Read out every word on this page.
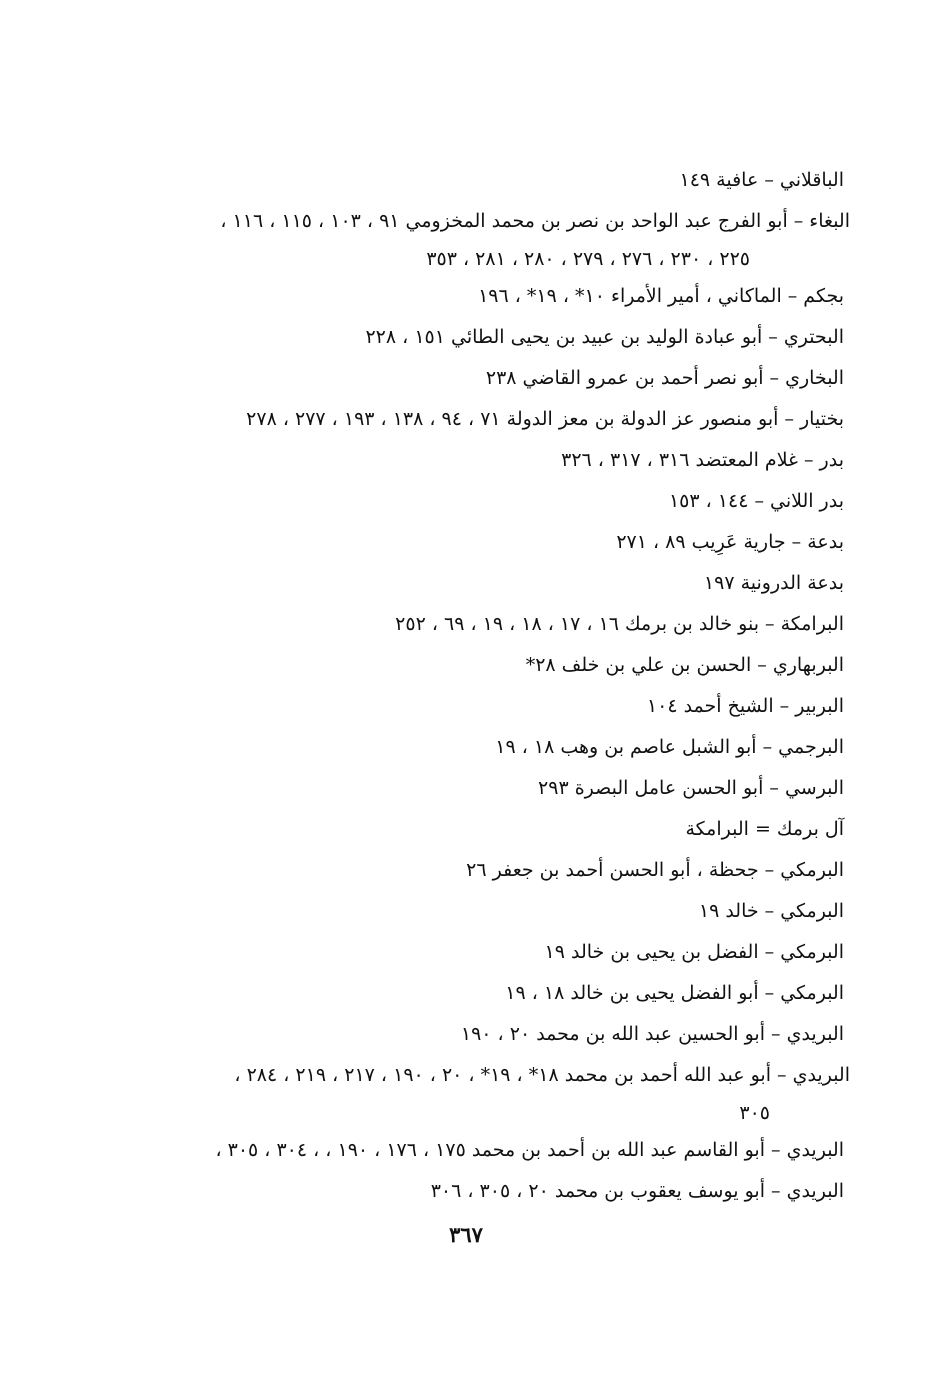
الباقلاني – عافية ١٤٩
البغاء – أبو الفرج عبد الواحد بن نصر بن محمد المخزومي ٩١ ، ١٠٣ ، ١١٥ ، ١١٦ ،
٢٢٥ ، ٢٣٠ ، ٢٧٦ ، ٢٧٩ ، ٢٨٠ ، ٢٨١ ، ٣٥٣
بجكم – الماكاني ، أمير الأمراء ١٠* ، ١٩* ، ١٩٦
البحتري – أبو عبادة الوليد بن عبيد بن يحيى الطائي ١٥١ ، ٢٢٨
البخاري – أبو نصر أحمد بن عمرو القاضي ٢٣٨
بختيار – أبو منصور عز الدولة بن معز الدولة ٧١ ، ٩٤ ، ١٣٨ ، ١٩٣ ، ٢٧٧ ، ٢٧٨
بدر – غلام المعتضد ٣١٦ ، ٣١٧ ، ٣٢٦
بدر اللاني – ١٤٤ ، ١٥٣
بدعة – جارية عَرِيب ٨٩ ، ٢٧١
بدعة الدرونية ١٩٧
البرامكة – بنو خالد بن برمك ١٦ ، ١٧ ، ١٨ ، ١٩ ، ٦٩ ، ٢٥٢
البربهاري – الحسن بن علي بن خلف ٢٨*
البربير – الشيخ أحمد ١٠٤
البرجمي – أبو الشبل عاصم بن وهب ١٨ ، ١٩
البرسي – أبو الحسن عامل البصرة ٢٩٣
آل برمك = البرامكة
البرمكي – جحظة ، أبو الحسن أحمد بن جعفر ٢٦
البرمكي – خالد ١٩
البرمكي – الفضل بن يحيى بن خالد ١٩
البرمكي – أبو الفضل يحيى بن خالد ١٨ ، ١٩
البريدي – أبو الحسين عبد الله بن محمد ٢٠ ، ١٩٠
البريدي – أبو عبد الله أحمد بن محمد ١٨* ، ١٩* ، ٢٠ ، ١٩٠ ، ٢١٧ ، ٢١٩ ، ٢٨٤ ،
٣٠٥
البريدي – أبو القاسم عبد الله بن أحمد بن محمد ١٧٥ ، ١٧٦ ، ١٩٠ ، ، ٣٠٤ ، ٣٠٥ ،
البريدي – أبو يوسف يعقوب بن محمد ٢٠ ، ٣٠٥ ، ٣٠٦
٣٦٧
